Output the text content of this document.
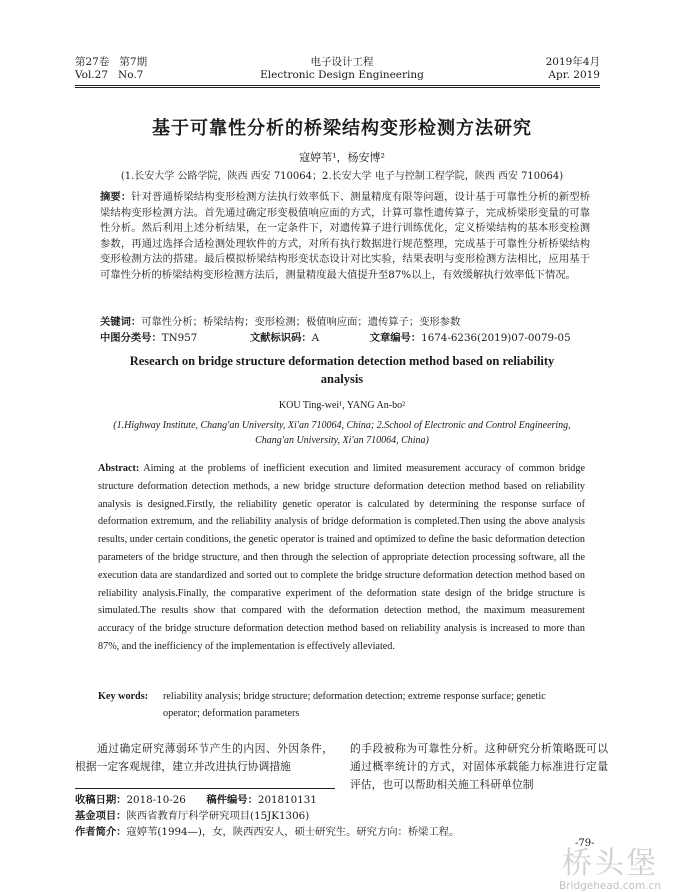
第27卷 第7期
Vol.27 No.7
电子设计工程
Electronic Design Engineering
2019年4月
Apr. 2019
基于可靠性分析的桥梁结构变形检测方法研究
寇婷苇¹，杨安博²
(1.长安大学 公路学院，陕西 西安 710064；2.长安大学 电子与控制工程学院，陕西 西安 710064)
摘要：针对普通桥梁结构变形检测方法执行效率低下、测量精度有限等问题，设计基于可靠性分析的新型桥梁结构变形检测方法。首先通过确定形变极值响应面的方式，计算可靠性遗传算子，完成桥梁形变量的可靠性分析。然后利用上述分析结果，在一定条件下，对遗传算子进行训练优化，定义桥梁结构的基本形变检测参数，再通过选择合适检测处理软件的方式，对所有执行数据进行规范整理，完成基于可靠性分析桥梁结构变形检测方法的搭建。最后模拟桥梁结构形变状态设计对比实验，结果表明与变形检测方法相比，应用基于可靠性分析的桥梁结构变形检测方法后，测量精度最大值提升至87%以上，有效缓解执行效率低下情况。
关键词：可靠性分析；桥梁结构；变形检测；极值响应面；遗传算子；变形参数
中图分类号：TN957	文献标识码：A	文章编号：1674-6236(2019)07-0079-05
Research on bridge structure deformation detection method based on reliability analysis
KOU Ting-wei¹, YANG An-bo²
(1.Highway Institute, Chang'an University, Xi'an 710064, China; 2.School of Electronic and Control Engineering, Chang'an University, Xi'an 710064, China)
Abstract: Aiming at the problems of inefficient execution and limited measurement accuracy of common bridge structure deformation detection methods, a new bridge structure deformation detection method based on reliability analysis is designed.Firstly, the reliability genetic operator is calculated by determining the response surface of deformation extremum, and the reliability analysis of bridge deformation is completed.Then using the above analysis results, under certain conditions, the genetic operator is trained and optimized to define the basic deformation detection parameters of the bridge structure, and then through the selection of appropriate detection processing software, all the execution data are standardized and sorted out to complete the bridge structure deformation detection method based on reliability analysis.Finally, the comparative experiment of the deformation state design of the bridge structure is simulated.The results show that compared with the deformation detection method, the maximum measurement accuracy of the bridge structure deformation detection method based on reliability analysis is increased to more than 87%, and the inefficiency of the implementation is effectively alleviated.
Key words:	reliability analysis; bridge structure; deformation detection; extreme response surface; genetic operator; deformation parameters
通过确定研究薄弱环节产生的内因、外因条件，根据一定客观规律，建立并改进执行协调措施
的手段被称为可靠性分析。这种研究分析策略既可以通过概率统计的方式，对固体承载能力标准进行定量评估，也可以帮助相关施工科研单位制
收稿日期：2018-10-26 稿件编号：201810131
基金项目：陕西省教育厅科学研究项目(15JK1306)
作者简介：寇婷苇(1994—)，女，陕西西安人，硕士研究生。研究方向：桥梁工程。
-79-
桥头堡
Bridgehead.com.cn
